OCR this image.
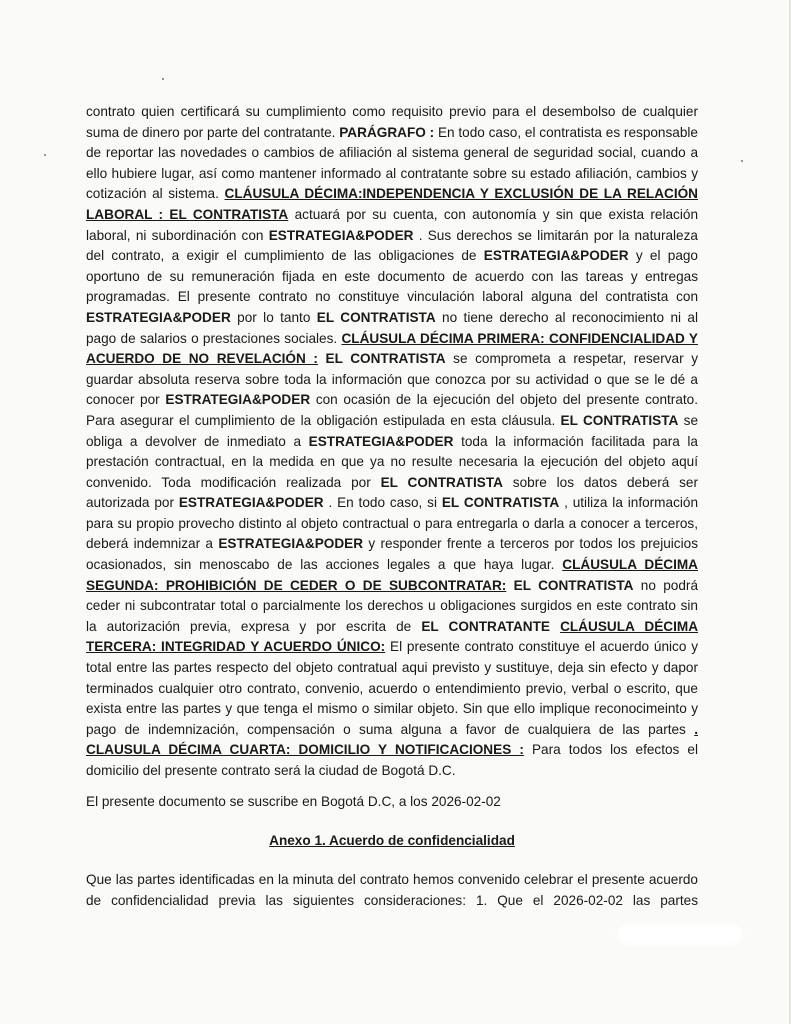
contrato quien certificará su cumplimiento como requisito previo para el desembolso de cualquier suma de dinero por parte del contratante. PARÁGRAFO : En todo caso, el contratista es responsable de reportar las novedades o cambios de afiliación al sistema general de seguridad social, cuando a ello hubiere lugar, así como mantener informado al contratante sobre su estado afiliación, cambios y cotización al sistema. CLÁUSULA DÉCIMA:INDEPENDENCIA Y EXCLUSIÓN DE LA RELACIÓN LABORAL : EL CONTRATISTA actuará por su cuenta, con autonomía y sin que exista relación laboral, ni subordinación con ESTRATEGIA&PODER . Sus derechos se limitarán por la naturaleza del contrato, a exigir el cumplimiento de las obligaciones de ESTRATEGIA&PODER y el pago oportuno de su remuneración fijada en este documento de acuerdo con las tareas y entregas programadas. El presente contrato no constituye vinculación laboral alguna del contratista con ESTRATEGIA&PODER por lo tanto EL CONTRATISTA no tiene derecho al reconocimiento ni al pago de salarios o prestaciones sociales. CLÁUSULA DÉCIMA PRIMERA: CONFIDENCIALIDAD Y ACUERDO DE NO REVELACIÓN : EL CONTRATISTA se comprometa a respetar, reservar y guardar absoluta reserva sobre toda la información que conozca por su actividad o que se le dé a conocer por ESTRATEGIA&PODER con ocasión de la ejecución del objeto del presente contrato. Para asegurar el cumplimiento de la obligación estipulada en esta cláusula. EL CONTRATISTA se obliga a devolver de inmediato a ESTRATEGIA&PODER toda la información facilitada para la prestación contractual, en la medida en que ya no resulte necesaria la ejecución del objeto aquí convenido. Toda modificación realizada por EL CONTRATISTA sobre los datos deberá ser autorizada por ESTRATEGIA&PODER . En todo caso, si EL CONTRATISTA , utiliza la información para su propio provecho distinto al objeto contractual o para entregarla o darla a conocer a terceros, deberá indemnizar a ESTRATEGIA&PODER y responder frente a terceros por todos los prejuicios ocasionados, sin menoscabo de las acciones legales a que haya lugar. CLÁUSULA DÉCIMA SEGUNDA: PROHIBICIÓN DE CEDER O DE SUBCONTRATAR: EL CONTRATISTA no podrá ceder ni subcontratar total o parcialmente los derechos u obligaciones surgidos en este contrato sin la autorización previa, expresa y por escrita de EL CONTRATANTE CLÁUSULA DÉCIMA TERCERA: INTEGRIDAD Y ACUERDO ÚNICO: El presente contrato constituye el acuerdo único y total entre las partes respecto del objeto contratual aqui previsto y sustituye, deja sin efecto y dapor terminados cualquier otro contrato, convenio, acuerdo o entendimiento previo, verbal o escrito, que exista entre las partes y que tenga el mismo o similar objeto. Sin que ello implique reconocimeinto y pago de indemnización, compensación o suma alguna a favor de cualquiera de las partes . CLAUSULA DÉCIMA CUARTA: DOMICILIO Y NOTIFICACIONES : Para todos los efectos el domicilio del presente contrato será la ciudad de Bogotá D.C.

El presente documento se suscribe en Bogotá D.C, a los 2026-02-02
Anexo 1. Acuerdo de confidencialidad
Que las partes identificadas en la minuta del contrato hemos convenido celebrar el presente acuerdo de confidencialidad previa las siguientes consideraciones: 1. Que el 2026-02-02 las partes
